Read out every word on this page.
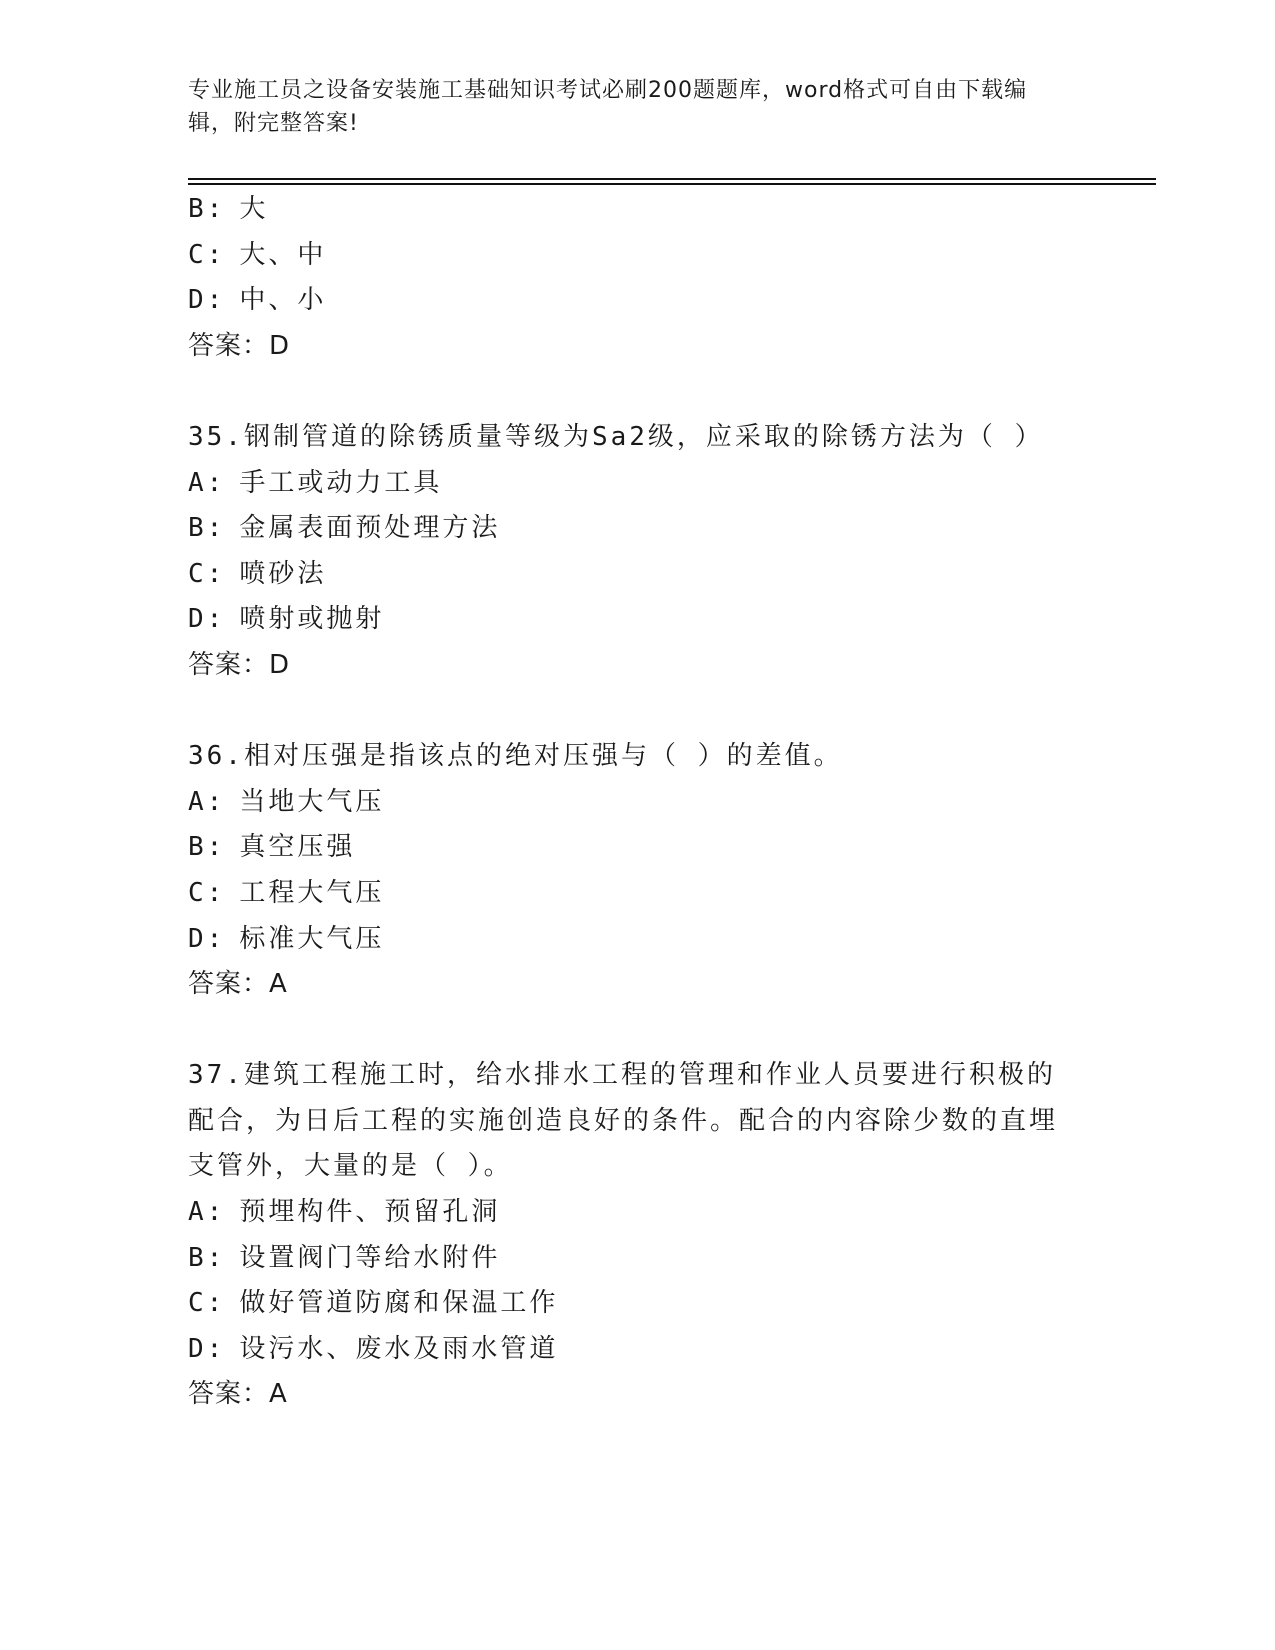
专业施工员之设备安装施工基础知识考试必刷200题题库，word格式可自由下载编辑，附完整答案!
B: 大
C: 大、中
D: 中、小
答案：D
35.钢制管道的除锈质量等级为Sa2级，应采取的除锈方法为（ ）
A: 手工或动力工具
B: 金属表面预处理方法
C: 喷砂法
D: 喷射或抛射
答案：D
36.相对压强是指该点的绝对压强与（ ）的差值。
A: 当地大气压
B: 真空压强
C: 工程大气压
D: 标准大气压
答案：A
37.建筑工程施工时，给水排水工程的管理和作业人员要进行积极的配合，为日后工程的实施创造良好的条件。配合的内容除少数的直埋支管外，大量的是（ ）。
A: 预埋构件、预留孔洞
B: 设置阀门等给水附件
C: 做好管道防腐和保温工作
D: 设污水、废水及雨水管道
答案：A
